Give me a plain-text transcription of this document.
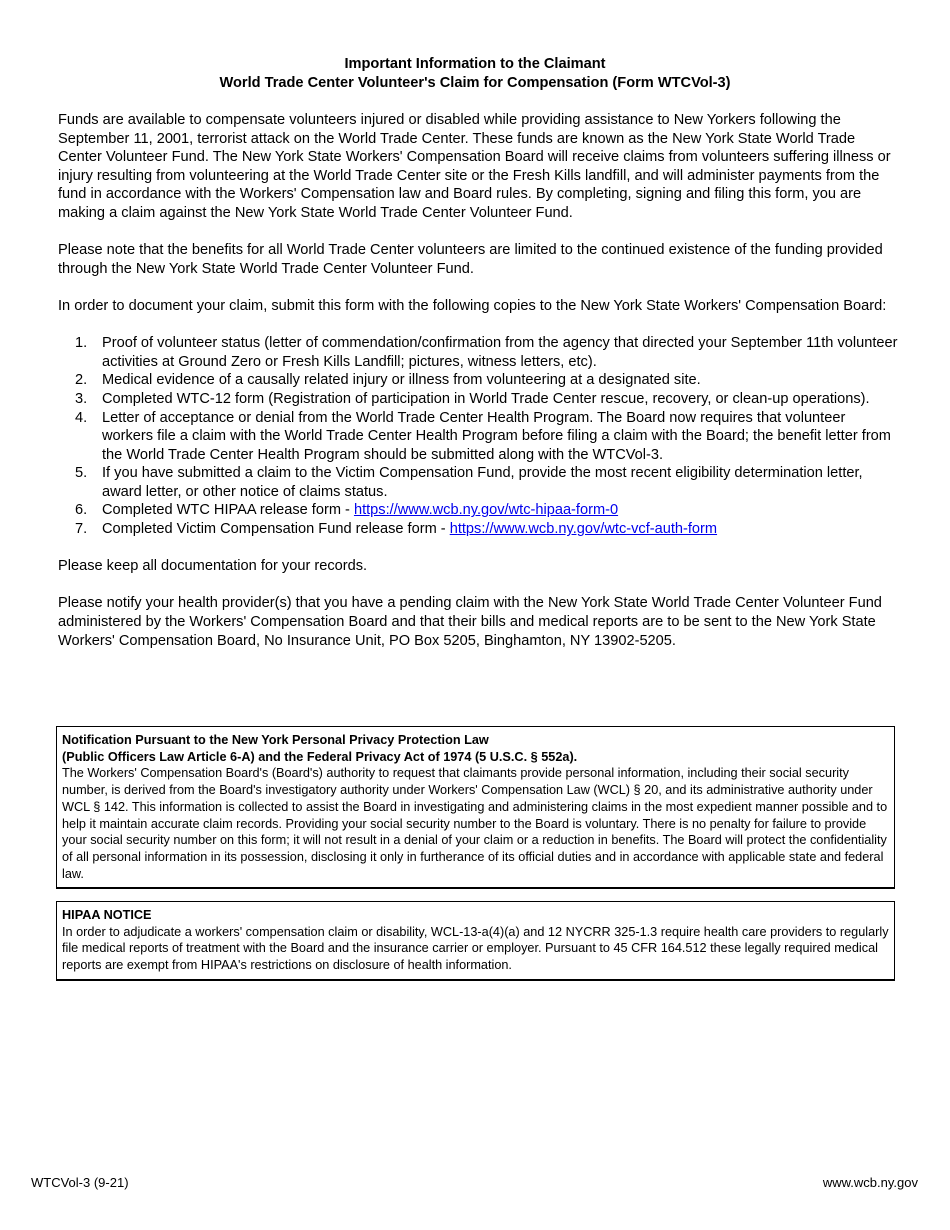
Important Information to the Claimant
World Trade Center Volunteer's Claim for Compensation (Form WTCVol-3)

Funds are available to compensate volunteers injured or disabled while providing assistance to New Yorkers following the September 11, 2001, terrorist attack on the World Trade Center. These funds are known as the New York State World Trade Center Volunteer Fund. The New York State Workers' Compensation Board will receive claims from volunteers suffering illness or injury resulting from volunteering at the World Trade Center site or the Fresh Kills landfill, and will administer payments from the fund in accordance with the Workers' Compensation law and Board rules. By completing, signing and filing this form, you are making a claim against the New York State World Trade Center Volunteer Fund.

Please note that the benefits for all World Trade Center volunteers are limited to the continued existence of the funding provided through the New York State World Trade Center Volunteer Fund.

In order to document your claim, submit this form with the following copies to the New York State Workers' Compensation Board:

1. Proof of volunteer status (letter of commendation/confirmation from the agency that directed your September 11th volunteer activities at Ground Zero or Fresh Kills Landfill; pictures, witness letters, etc).
2. Medical evidence of a causally related injury or illness from volunteering at a designated site.
3. Completed WTC-12 form (Registration of participation in World Trade Center rescue, recovery, or clean-up operations).
4. Letter of acceptance or denial from the World Trade Center Health Program. The Board now requires that volunteer workers file a claim with the World Trade Center Health Program before filing a claim with the Board; the benefit letter from the World Trade Center Health Program should be submitted along with the WTCVol-3.
5. If you have submitted a claim to the Victim Compensation Fund, provide the most recent eligibility determination letter, award letter, or other notice of claims status.
6. Completed WTC HIPAA release form - https://www.wcb.ny.gov/wtc-hipaa-form-0
7. Completed Victim Compensation Fund release form - https://www.wcb.ny.gov/wtc-vcf-auth-form

Please keep all documentation for your records.

Please notify your health provider(s) that you have a pending claim with the New York State World Trade Center Volunteer Fund administered by the Workers' Compensation Board and that their bills and medical reports are to be sent to the New York State Workers' Compensation Board, No Insurance Unit, PO Box 5205, Binghamton, NY 13902-5205.

Notification Pursuant to the New York Personal Privacy Protection Law
(Public Officers Law Article 6-A) and the Federal Privacy Act of 1974 (5 U.S.C. § 552a).
The Workers' Compensation Board's (Board's) authority to request that claimants provide personal information, including their social security number, is derived from the Board's investigatory authority under Workers' Compensation Law (WCL) § 20, and its administrative authority under WCL § 142. This information is collected to assist the Board in investigating and administering claims in the most expedient manner possible and to help it maintain accurate claim records. Providing your social security number to the Board is voluntary. There is no penalty for failure to provide your social security number on this form; it will not result in a denial of your claim or a reduction in benefits. The Board will protect the confidentiality of all personal information in its possession, disclosing it only in furtherance of its official duties and in accordance with applicable state and federal law.
HIPAA NOTICE
In order to adjudicate a workers' compensation claim or disability, WCL-13-a(4)(a) and 12 NYCRR 325-1.3 require health care providers to regularly file medical reports of treatment with the Board and the insurance carrier or employer. Pursuant to 45 CFR 164.512 these legally required medical reports are exempt from HIPAA's restrictions on disclosure of health information.
WTCVol-3 (9-21)	www.wcb.ny.gov
